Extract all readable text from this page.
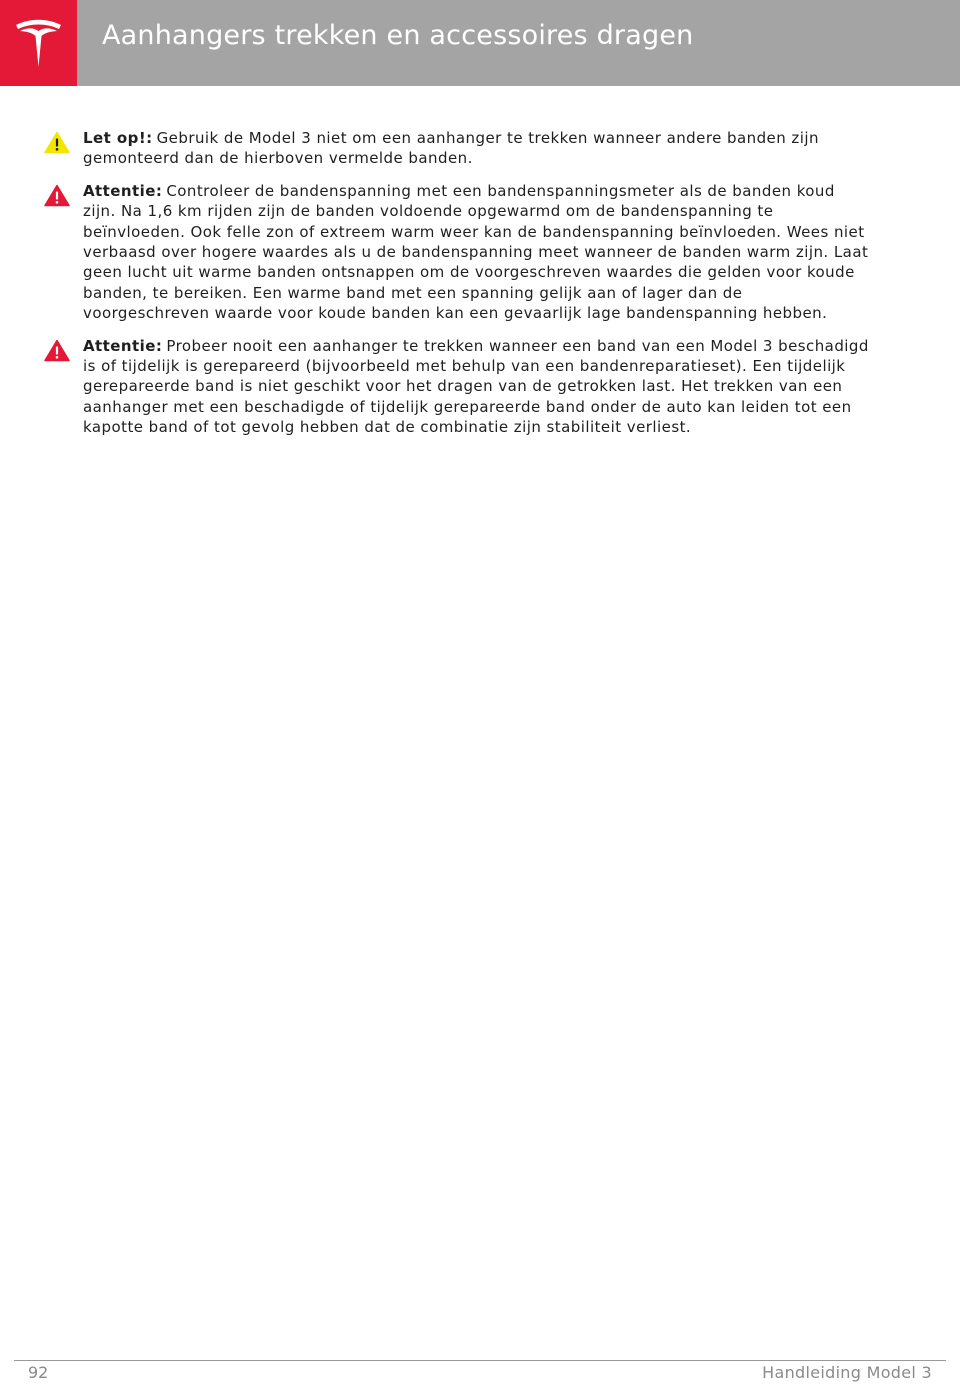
Aanhangers trekken en accessoires dragen
Let op!: Gebruik de Model 3 niet om een aanhanger te trekken wanneer andere banden zijn gemonteerd dan de hierboven vermelde banden.
Attentie: Controleer de bandenspanning met een bandenspanningsmeter als de banden koud zijn. Na 1,6 km rijden zijn de banden voldoende opgewarmd om de bandenspanning te beïnvloeden. Ook felle zon of extreem warm weer kan de bandenspanning beïnvloeden. Wees niet verbaasd over hogere waardes als u de bandenspanning meet wanneer de banden warm zijn. Laat geen lucht uit warme banden ontsnappen om de voorgeschreven waardes die gelden voor koude banden, te bereiken. Een warme band met een spanning gelijk aan of lager dan de voorgeschreven waarde voor koude banden kan een gevaarlijk lage bandenspanning hebben.
Attentie: Probeer nooit een aanhanger te trekken wanneer een band van een Model 3 beschadigd is of tijdelijk is gerepareerd (bijvoorbeeld met behulp van een bandenreparatieset). Een tijdelijk gerepareerde band is niet geschikt voor het dragen van de getrokken last. Het trekken van een aanhanger met een beschadigde of tijdelijk gerepareerde band onder de auto kan leiden tot een kapotte band of tot gevolg hebben dat de combinatie zijn stabiliteit verliest.
92	Handleiding Model 3
